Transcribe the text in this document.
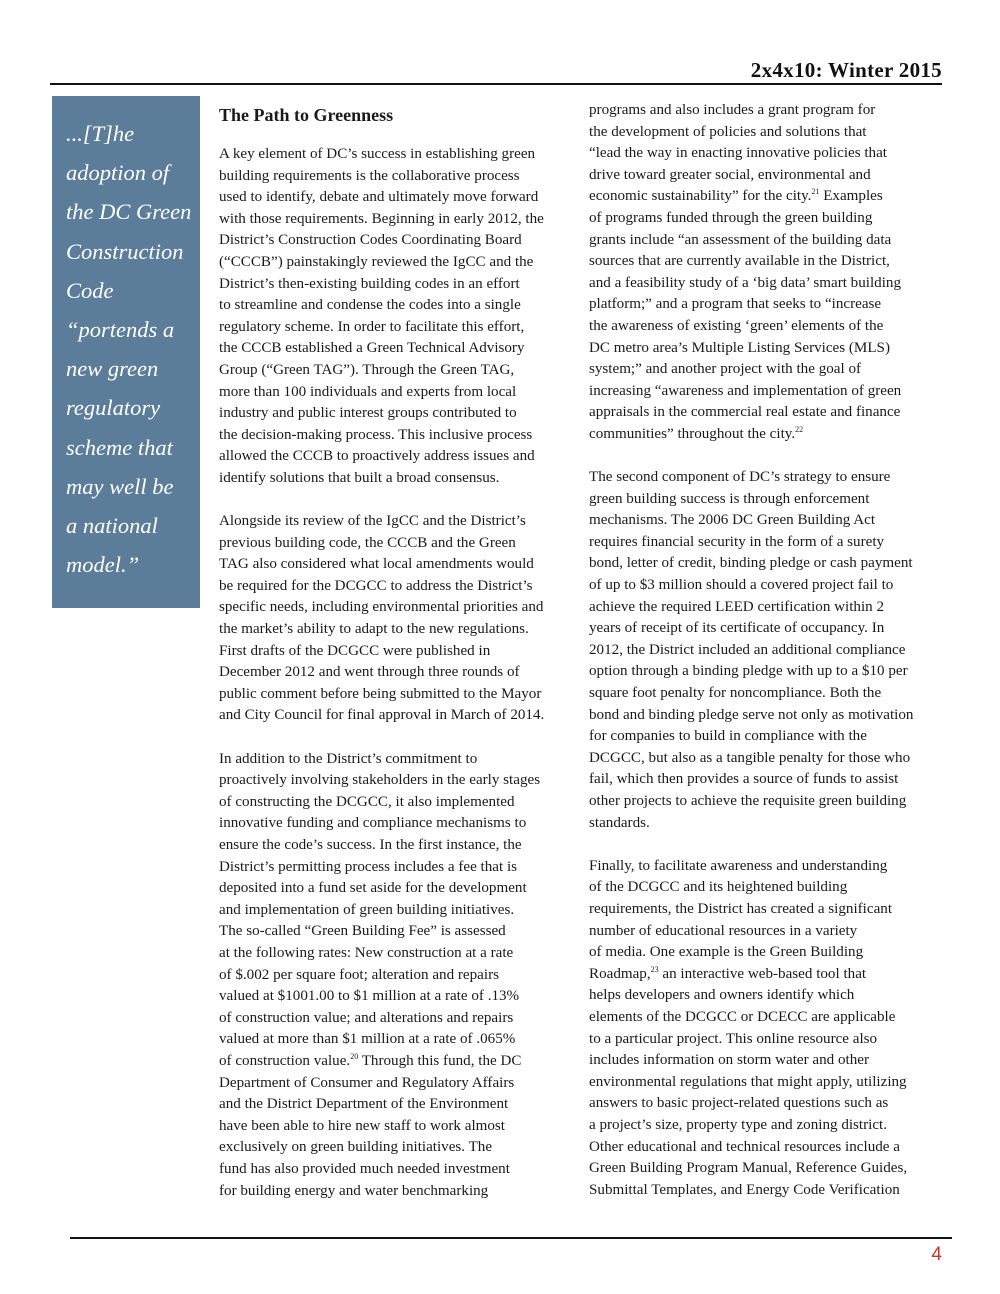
2x4x10: Winter 2015
...[T]he
adoption of
the DC Green
Construction
Code
“portends a
new green
regulatory
scheme that
may well be
a national
model.”
The Path to Greenness
A key element of DC’s success in establishing green
building requirements is the collaborative process
used to identify, debate and ultimately move forward
with those requirements. Beginning in early 2012, the
District’s Construction Codes Coordinating Board
(“CCCB”) painstakingly reviewed the IgCC and the
District’s then-existing building codes in an effort
to streamline and condense the codes into a single
regulatory scheme. In order to facilitate this effort,
the CCCB established a Green Technical Advisory
Group (“Green TAG”). Through the Green TAG,
more than 100 individuals and experts from local
industry and public interest groups contributed to
the decision-making process. This inclusive process
allowed the CCCB to proactively address issues and
identify solutions that built a broad consensus.
Alongside its review of the IgCC and the District’s
previous building code, the CCCB and the Green
TAG also considered what local amendments would
be required for the DCGCC to address the District’s
specific needs, including environmental priorities and
the market’s ability to adapt to the new regulations.
First drafts of the DCGCC were published in
December 2012 and went through three rounds of
public comment before being submitted to the Mayor
and City Council for final approval in March of 2014.
In addition to the District’s commitment to
proactively involving stakeholders in the early stages
of constructing the DCGCC, it also implemented
innovative funding and compliance mechanisms to
ensure the code’s success. In the first instance, the
District’s permitting process includes a fee that is
deposited into a fund set aside for the development
and implementation of green building initiatives.
The so-called “Green Building Fee” is assessed
at the following rates: New construction at a rate
of $.002 per square foot; alteration and repairs
valued at $1001.00 to $1 million at a rate of .13%
of construction value; and alterations and repairs
valued at more than $1 million at a rate of .065%
of construction value.$^{20}$ Through this fund, the DC
Department of Consumer and Regulatory Affairs
and the District Department of the Environment
have been able to hire new staff to work almost
exclusively on green building initiatives. The
fund has also provided much needed investment
for building energy and water benchmarking
programs and also includes a grant program for
the development of policies and solutions that
“lead the way in enacting innovative policies that
drive toward greater social, environmental and
economic sustainability” for the city.$^{21}$ Examples
of programs funded through the green building
grants include “an assessment of the building data
sources that are currently available in the District,
and a feasibility study of a ‘big data’ smart building
platform;” and a program that seeks to “increase
the awareness of existing ‘green’ elements of the
DC metro area’s Multiple Listing Services (MLS)
system;” and another project with the goal of
increasing “awareness and implementation of green
appraisals in the commercial real estate and finance
communities” throughout the city.$^{22}$
The second component of DC’s strategy to ensure
green building success is through enforcement
mechanisms. The 2006 DC Green Building Act
requires financial security in the form of a surety
bond, letter of credit, binding pledge or cash payment
of up to $3 million should a covered project fail to
achieve the required LEED certification within 2
years of receipt of its certificate of occupancy. In
2012, the District included an additional compliance
option through a binding pledge with up to a $10 per
square foot penalty for noncompliance. Both the
bond and binding pledge serve not only as motivation
for companies to build in compliance with the
DCGCC, but also as a tangible penalty for those who
fail, which then provides a source of funds to assist
other projects to achieve the requisite green building
standards.
Finally, to facilitate awareness and understanding
of the DCGCC and its heightened building
requirements, the District has created a significant
number of educational resources in a variety
of media. One example is the Green Building
Roadmap,$^{23}$ an interactive web-based tool that
helps developers and owners identify which
elements of the DCGCC or DCECC are applicable
to a particular project. This online resource also
includes information on storm water and other
environmental regulations that might apply, utilizing
answers to basic project-related questions such as
a project’s size, property type and zoning district.
Other educational and technical resources include a
Green Building Program Manual, Reference Guides,
Submittal Templates, and Energy Code Verification
4
